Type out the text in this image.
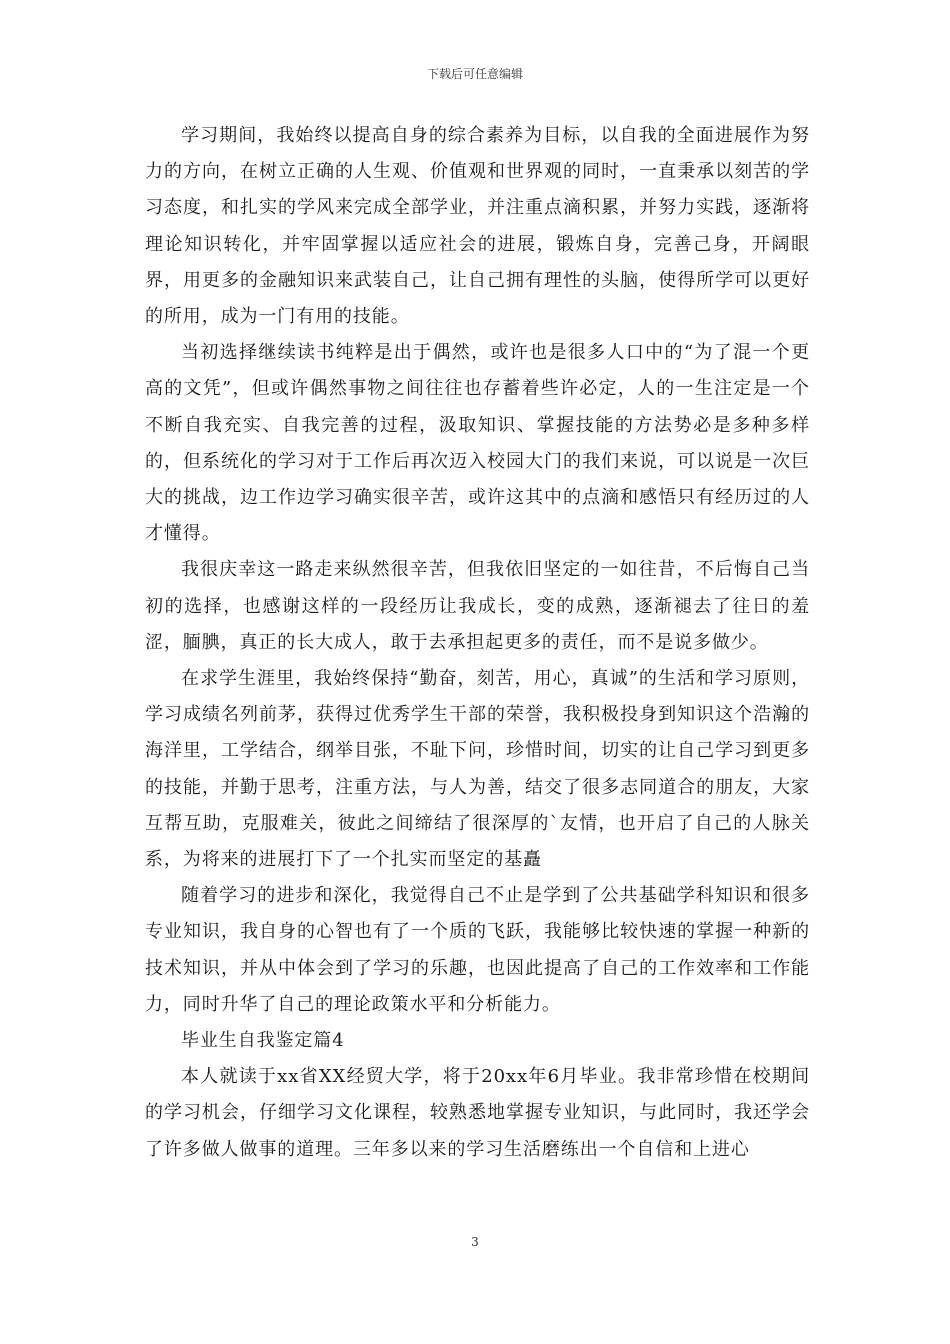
下载后可任意编辑

学习期间，我始终以提高自身的综合素养为目标，以自我的全面进展作为努力的方向，在树立正确的人生观、价值观和世界观的同时，一直秉承以刻苦的学习态度，和扎实的学风来完成全部学业，并注重点滴积累，并努力实践，逐渐将理论知识转化，并牢固掌握以适应社会的进展，锻炼自身，完善己身，开阔眼界，用更多的金融知识来武装自己，让自己拥有理性的头脑，使得所学可以更好的所用，成为一门有用的技能。

当初选择继续读书纯粹是出于偶然，或许也是很多人口中的“为了混一个更高的文凭”，但或许偶然事物之间往往也存蓄着些许必定，人的一生注定是一个不断自我充实、自我完善的过程，汲取知识、掌握技能的方法势必是多种多样的，但系统化的学习对于工作后再次迈入校园大门的我们来说，可以说是一次巨大的挑战，边工作边学习确实很辛苦，或许这其中的点滴和感悟只有经历过的人才懂得。

我很庆幸这一路走来纵然很辛苦，但我依旧坚定的一如往昔，不后悔自己当初的选择，也感谢这样的一段经历让我成长，变的成熟，逐渐褪去了往日的羞涩，腼腆，真正的长大成人，敢于去承担起更多的责任，而不是说多做少。

在求学生涯里，我始终保持“勤奋，刻苦，用心，真诚”的生活和学习原则，学习成绩名列前茅，获得过优秀学生干部的荣誉，我积极投身到知识这个浩瀚的海洋里，工学结合，纲举目张，不耻下问，珍惜时间，切实的让自己学习到更多的技能，并勤于思考，注重方法，与人为善，结交了很多志同道合的朋友，大家互帮互助，克服难关，彼此之间缔结了很深厚的`友情，也开启了自己的人脉关系，为将来的进展打下了一个扎实而坚定的基矗

随着学习的进步和深化，我觉得自己不止是学到了公共基础学科知识和很多专业知识，我自身的心智也有了一个质的飞跃，我能够比较快速的掌握一种新的技术知识，并从中体会到了学习的乐趣，也因此提高了自己的工作效率和工作能力，同时升华了自己的理论政策水平和分析能力。

毕业生自我鉴定篇4

本人就读于xx省XX经贸大学，将于20xx年6月毕业。我非常珍惜在校期间的学习机会，仔细学习文化课程，较熟悉地掌握专业知识，与此同时，我还学会了许多做人做事的道理。三年多以来的学习生活磨练出一个自信和上进心

3
